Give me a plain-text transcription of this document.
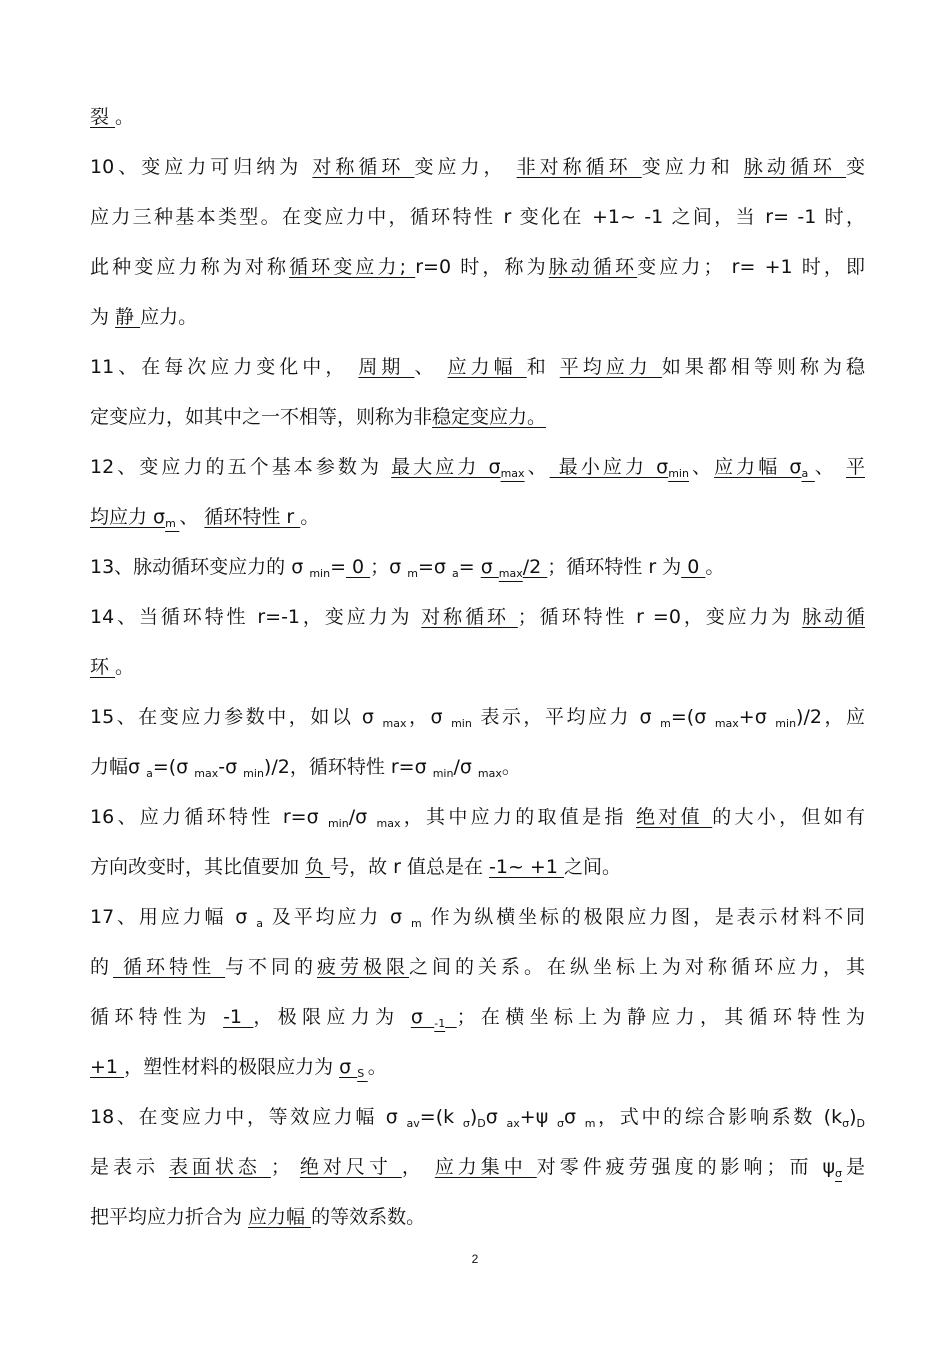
裂 。
10、变应力可归纳为 对称循环 变应力， 非对称循环 变应力和 脉动循环 变
应力三种基本类型。在变应力中，循环特性 r 变化在 +1~ -1 之间，当 r= -1 时，
此种变应力称为对称循环变应力; r=0 时，称为脉动循环变应力； r= +1 时，即
为 静 应力。
11、在每次应力变化中， 周期 、 应力幅 和 平均应力 如果都相等则称为稳
定变应力，如其中之一不相等，则称为非稳定变应力。
12、变应力的五个基本参数为 最大应力 $\sigma_{max}$、 最小应力 $\sigma_{min}$、应力幅 $\sigma_a$ 、 平
均应力 $\sigma_m$ 、 循环特性 r 。
13、脉动循环变应力的 σ $_{min}$= 0 ；σ $_m$=σ $_a$= σ $_{max}$/2 ；循环特性 r 为 0 。
14、当循环特性 r=-1，变应力为 对称循环 ；循环特性 r =0，变应力为 脉动循
环 。
15、在变应力参数中，如以 σ $_{max}$，σ $_{min}$ 表示，平均应力 σ $_m$=(σ $_{max}$+σ $_{min}$)/2，应
力幅σ $_a$=(σ $_{max}$-σ $_{min}$)/2，循环特性 r=σ $_{min}$/σ $_{max}$。
16、应力循环特性 r=σ $_{min}$/σ $_{max}$，其中应力的取值是指 绝对值 的大小，但如有
方向改变时，其比值要加 负 号，故 r 值总是在 -1~ +1 之间。
17、用应力幅 σ $_a$ 及平均应力 σ $_m$ 作为纵横坐标的极限应力图，是表示材料不同
的 循环特性 与不同的疲劳极限之间的关系。在纵坐标上为对称循环应力，其
循环特性为 -1 ，极限应力为 σ $_{-1}$ ；在横坐标上为静应力，其循环特性为
+1 ，塑性材料的极限应力为 σ $_S$ 。
18、在变应力中，等效应力幅 σ $_{av}$=(k $_\sigma)_D\sigma$ $_{ax}$+ψ $_\sigma$σ $_m$，式中的综合影响系数 $(k_\sigma)_D$
是表示 表面状态 ； 绝对尺寸 ， 应力集中 对零件疲劳强度的影响；而 $\psi_\sigma$是
把平均应力折合为 应力幅 的等效系数。
2
